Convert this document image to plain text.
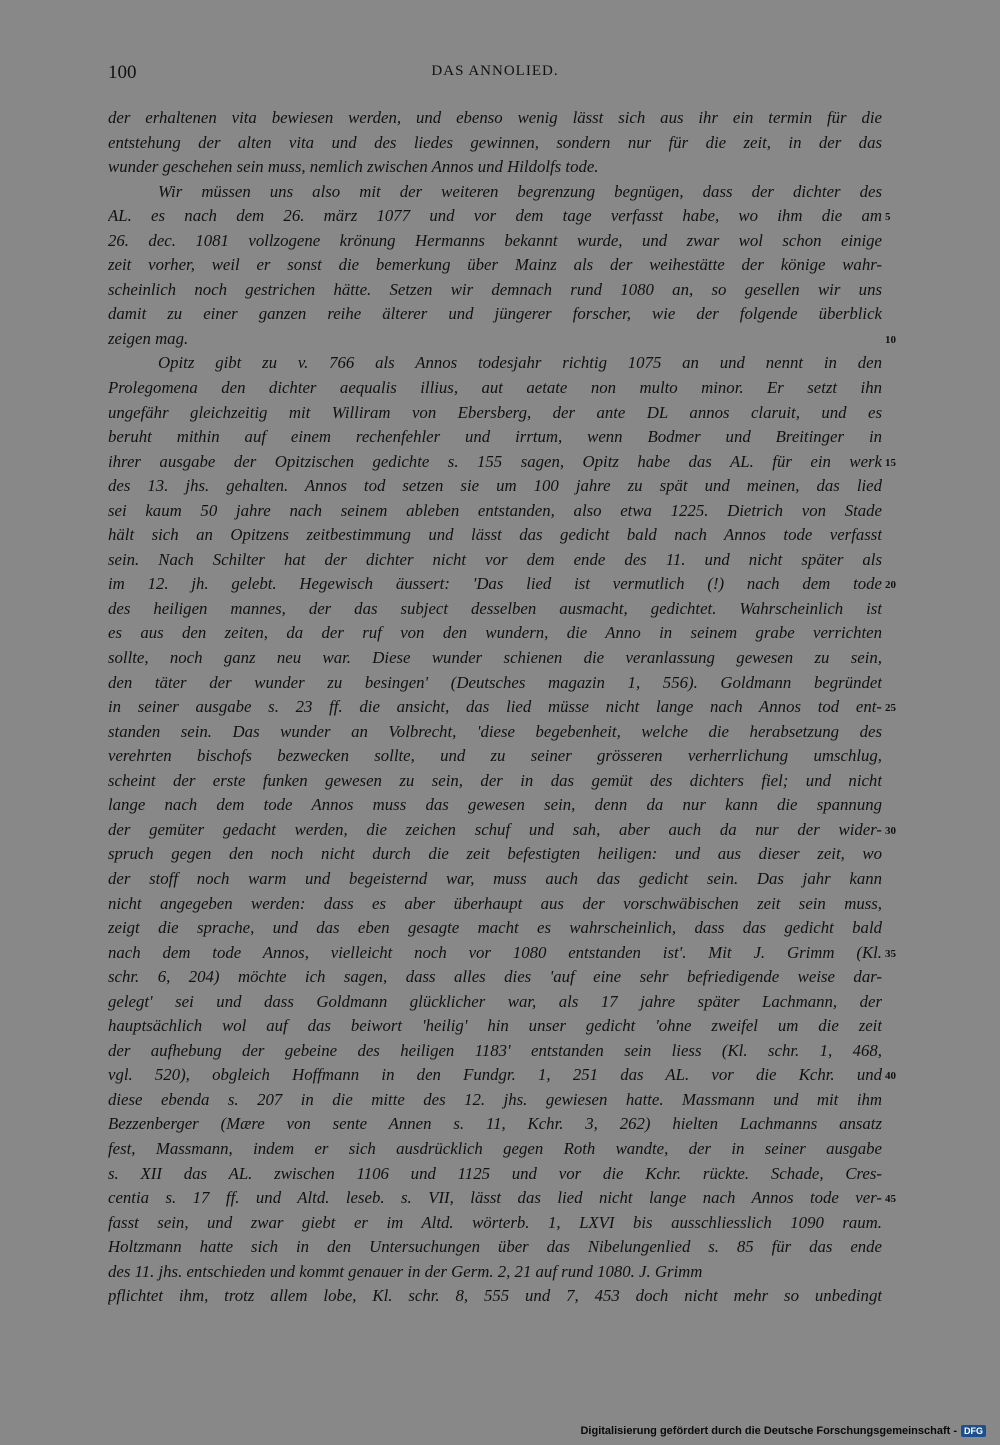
100	DAS ANNOLIED.
der erhaltenen vita bewiesen werden, und ebenso wenig lässt sich aus ihr ein termin für die
entstehung der alten vita und des liedes gewinnen, sondern nur für die zeit, in der das
wunder geschehen sein muss, nemlich zwischen Annos und Hildolfs tode.
Wir müssen uns also mit der weiteren begrenzung begnügen, dass der dichter des
AL. es nach dem 26. märz 1077 und vor dem tage verfasst habe, wo ihm die am
26. dec. 1081 vollzogene krönung Hermanns bekannt wurde, und zwar wol schon einige
zeit vorher, weil er sonst die bemerkung über Mainz als der weihestätte der könige wahr-
scheinlich noch gestrichen hätte. Setzen wir demnach rund 1080 an, so gesellen wir uns
damit zu einer ganzen reihe älterer und jüngerer forscher, wie der folgende überblick
zeigen mag.
Opitz gibt zu v. 766 als Annos todesjahr richtig 1075 an und nennt in den
Prolegomena den dichter aequalis illius, aut aetate non multo minor. Er setzt ihn
ungefähr gleichzeitig mit Williram von Ebersberg, der ante DL annos claruit, und es
beruht mithin auf einem rechenfehler und irrtum, wenn Bodmer und Breitinger in
ihrer ausgabe der Opitzischen gedichte s. 155 sagen, Opitz habe das AL. für ein werk
des 13. jhs. gehalten. Annos tod setzen sie um 100 jahre zu spät und meinen, das lied
sei kaum 50 jahre nach seinem ableben entstanden, also etwa 1225. Dietrich von Stade
hält sich an Opitzens zeitbestimmung und lässt das gedicht bald nach Annos tode verfasst
sein. Nach Schilter hat der dichter nicht vor dem ende des 11. und nicht später als
im 12. jh. gelebt. Hegewisch äussert: 'Das lied ist vermutlich (!) nach dem tode
des heiligen mannes, der das subject desselben ausmacht, gedichtet. Wahrscheinlich ist
es aus den zeiten, da der ruf von den wundern, die Anno in seinem grabe verrichten
sollte, noch ganz neu war. Diese wunder schienen die veranlassung gewesen zu sein,
den täter der wunder zu besingen' (Deutsches magazin 1, 556). Goldmann begründet
in seiner ausgabe s. 23 ff. die ansicht, das lied müsse nicht lange nach Annos tod ent-
standen sein. Das wunder an Volbrecht, 'diese begebenheit, welche die herabsetzung des
verehrten bischofs bezwecken sollte, und zu seiner grösseren verherrlichung umschlug,
scheint der erste funken gewesen zu sein, der in das gemüt des dichters fiel; und nicht
lange nach dem tode Annos muss das gewesen sein, denn da nur kann die spannung
der gemüter gedacht werden, die zeichen schuf und sah, aber auch da nur der wider-
spruch gegen den noch nicht durch die zeit befestigten heiligen: und aus dieser zeit, wo
der stoff noch warm und begeisternd war, muss auch das gedicht sein. Das jahr kann
nicht angegeben werden: dass es aber überhaupt aus der vorschwäbischen zeit sein muss,
zeigt die sprache, und das eben gesagte macht es wahrscheinlich, dass das gedicht bald
nach dem tode Annos, vielleicht noch vor 1080 entstanden ist'. Mit J. Grimm (Kl.
schr. 6, 204) möchte ich sagen, dass alles dies 'auf eine sehr befriedigende weise dar-
gelegt' sei und dass Goldmann glücklicher war, als 17 jahre später Lachmann, der
hauptsächlich wol auf das beiwort 'heilig' hin unser gedicht 'ohne zweifel um die zeit
der aufhebung der gebeine des heiligen 1183' entstanden sein liess (Kl. schr. 1, 468,
vgl. 520), obgleich Hoffmann in den Fundgr. 1, 251 das AL. vor die Kchr. und
diese ebenda s. 207 in die mitte des 12. jhs. gewiesen hatte. Massmann und mit ihm
Bezzenberger (Mære von sente Annen s. 11, Kchr. 3, 262) hielten Lachmanns ansatz
fest, Massmann, indem er sich ausdrücklich gegen Roth wandte, der in seiner ausgabe
s. XII das AL. zwischen 1106 und 1125 und vor die Kchr. rückte. Schade, Cres-
centia s. 17 ff. und Altd. leseb. s. VII, lässt das lied nicht lange nach Annos tode ver-
fasst sein, und zwar giebt er im Altd. wörterb. 1, LXVI bis ausschliesslich 1090 raum.
Holtzmann hatte sich in den Untersuchungen über das Nibelungenlied s. 85 für das ende
des 11. jhs. entschieden und kommt genauer in der Germ. 2, 21 auf rund 1080. J. Grimm
pflichtet ihm, trotz allem lobe, Kl. schr. 8, 555 und 7, 453 doch nicht mehr so unbedingt
5
10
15
20
25
30
35
40
45
Digitalisierung gefördert durch die Deutsche Forschungsgemeinschaft - DFG
